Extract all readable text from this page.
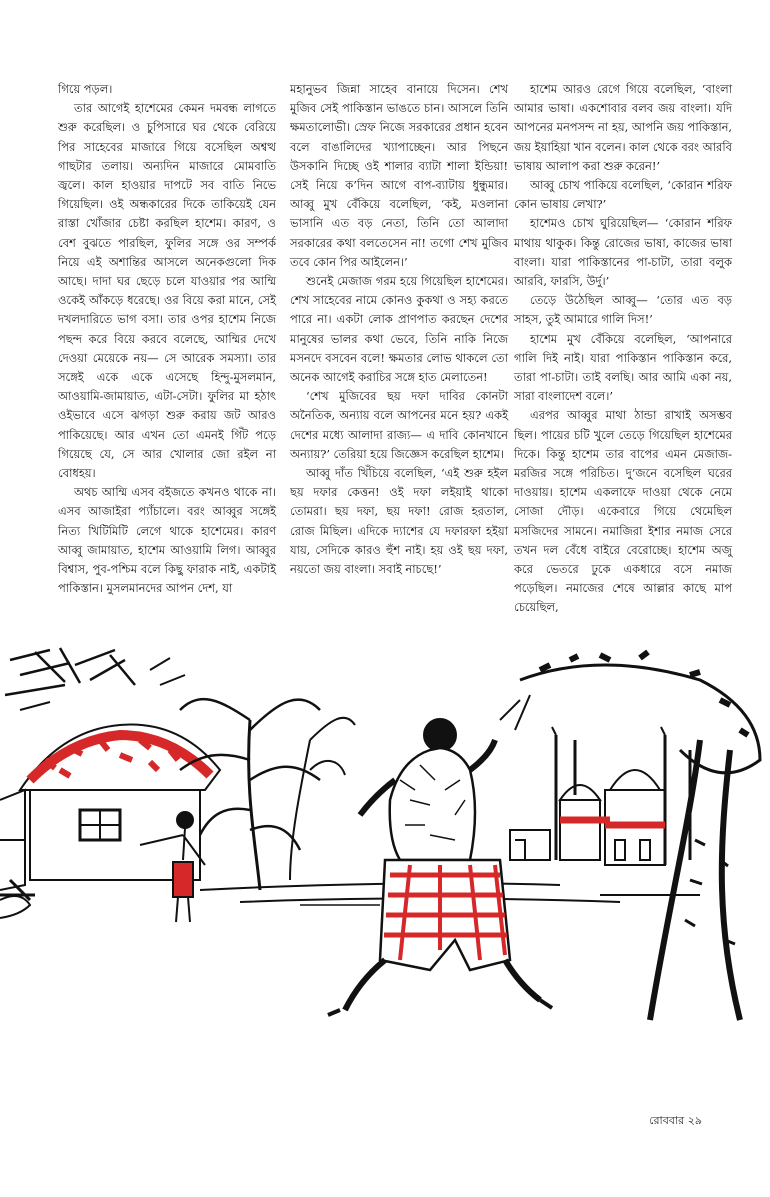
গিয়ে পড়ল।

তার আগেই হাশেমের কেমন দমবন্ধ লাগতে শুরু করেছিল। ও চুপিসারে ঘর থেকে বেরিয়ে পির সাহেবের মাজারে গিয়ে বসেছিল অশ্বত্থ গাছটার তলায়। অন্যদিন মাজারে মোমবাতি জ্বলে। কাল হাওয়ার দাপটে সব বাতি নিভে গিয়েছিল। ওই অন্ধকারের দিকে তাকিয়েই যেন রাস্তা খোঁজার চেষ্টা করছিল হাশেম। কারণ, ও বেশ বুঝতে পারছিল, ফুলির সঙ্গে ওর সম্পর্ক নিয়ে এই অশান্তির আসলে অনেকগুলো দিক আছে। দাদা ঘর ছেড়ে চলে যাওয়ার পর আম্মি ওকেই আঁকড়ে ধরেছে। ওর বিয়ে করা মানে, সেই দখলদারিতে ভাগ বসা। তার ওপর হাশেম নিজে পছন্দ করে বিয়ে করবে বলেছে, আম্মির দেখে দেওয়া মেয়েকে নয়— সে আরেক সমস্যা। তার সঙ্গেই একে একে এসেছে হিন্দু-মুসলমান, আওয়ামি-জামায়াত, এটা-সেটা। ফুলির মা হঠাৎ ওইভাবে এসে ঝগড়া শুরু করায় জট আরও পাকিয়েছে। আর এখন তো এমনই গিঁট পড়ে গিয়েছে যে, সে আর খোলার জো রইল না বোধহয়।

অথচ আম্মি এসব বইজতে কখনও থাকে না। এসব আজাইরা প্যাঁচালে। বরং আব্বুর সঙ্গেই নিত্য খিটিমিটি লেগে থাকে হাশেমের। কারণ আব্বু জামায়াত, হাশেম আওয়ামি লিগ। আব্বুর বিশ্বাস, পুব-পশ্চিম বলে কিছু ফারাক নাই, একটাই পাকিস্তান। মুসলমানদের আপন দেশ, যা

মহানুভব জিন্না সাহেব বানায়ে দিসেন। শেখ মুজিব সেই পাকিস্তান ভাঙতে চান। আসলে তিনি ক্ষমতালোভী। স্রেফ নিজে সরকারের প্রধান হবেন বলে বাঙালিদের খ্যাপাচ্ছেন। আর পিছনে উসকানি দিচ্ছে ওই শালার ব্যাটা শালা ইন্ডিয়া! সেই নিয়ে ক’দিন আগে বাপ-ব্যাটায় ধুন্ধুমার। আব্বু মুখ বেঁকিয়ে বলেছিল, ‘কই, মওলানা ভাসানি এত বড় নেতা, তিনি তো আলাদা সরকারের কথা বলতেসেন না! তগো শেখ মুজিব তবে কোন পির আইলেন।’

শুনেই মেজাজ গরম হয়ে গিয়েছিল হাশেমের। শেখ সাহেবের নামে কোনও কুকথা ও সহ্য করতে পারে না। একটা লোক প্রাণপাত করছেন দেশের মানুষের ভালর কথা ভেবে, তিনি নাকি নিজে মসনদে বসবেন বলে! ক্ষমতার লোভ থাকলে তো অনেক আগেই করাচির সঙ্গে হাত মেলাতেন!

‘শেখ মুজিবের ছয় দফা দাবির কোনটা অনৈতিক, অন্যায় বলে আপনের মনে হয়? একই দেশের মধ্যে আলাদা রাজ্য— এ দাবি কোনখানে অন্যায়?’ তেরিয়া হয়ে জিজ্ঞেস করেছিল হাশেম।

আব্বু দাঁত খিঁচিয়ে বলেছিল, ‘এই শুরু হইল ছয় দফার কেত্তন! ওই দফা লইয়াই থাকো তোমরা। ছয় দফা, ছয় দফা! রোজ হরতাল, রোজ মিছিল। এদিকে দ্যাশের যে দফারফা হইয়া যায়, সেদিকে কারও হুঁশ নাই। হয় ওই ছয় দফা, নয়তো জয় বাংলা। সবাই নাচছে!’

হাশেম আরও রেগে গিয়ে বলেছিল, ‘বাংলা আমার ভাষা। একশোবার বলব জয় বাংলা। যদি আপনের মনপসন্দ না হয়, আপনি জয় পাকিস্তান, জয় ইয়াহিয়া খান বলেন। কাল থেকে বরং আরবি ভাষায় আলাপ করা শুরু করেন!’

আব্বু চোখ পাকিয়ে বলেছিল, ‘কোরান শরিফ কোন ভাষায় লেখা?’

হাশেমও চোখ ঘুরিয়েছিল— ‘কোরান শরিফ মাথায় থাকুক। কিন্তু রোজের ভাষা, কাজের ভাষা বাংলা। যারা পাকিস্তানের পা-চাটা, তারা বলুক আরবি, ফারসি, উর্দু।’

তেড়ে উঠেছিল আব্বু— ‘তোর এত বড় সাহস, তুই আমারে গালি দিস!’

হাশেম মুখ বেঁকিয়ে বলেছিল, ‘আপনারে গালি দিই নাই। যারা পাকিস্তান পাকিস্তান করে, তারা পা-চাটা। তাই বলছি। আর আমি একা নয়, সারা বাংলাদেশ বলে।’

এরপর আব্বুর মাথা ঠান্ডা রাখাই অসম্ভব ছিল। পায়ের চটি খুলে তেড়ে গিয়েছিল হাশেমের দিকে। কিন্তু হাশেম তার বাপের এমন মেজাজ-মরজির সঙ্গে পরিচিত। দু’জনে বসেছিল ঘরের দাওয়ায়। হাশেম একলাফে দাওয়া থেকে নেমে সোজা দৌড়। একেবারে গিয়ে থেমেছিল মসজিদের সামনে। নমাজিরা ইশার নমাজ সেরে তখন দল বেঁধে বাইরে বেরোচ্ছে। হাশেম অজু করে ভেতরে ঢুকে একধারে বসে নমাজ পড়েছিল। নমাজের শেষে আল্লার কাছে মাপ চেয়েছিল,

রোববার ২৯
